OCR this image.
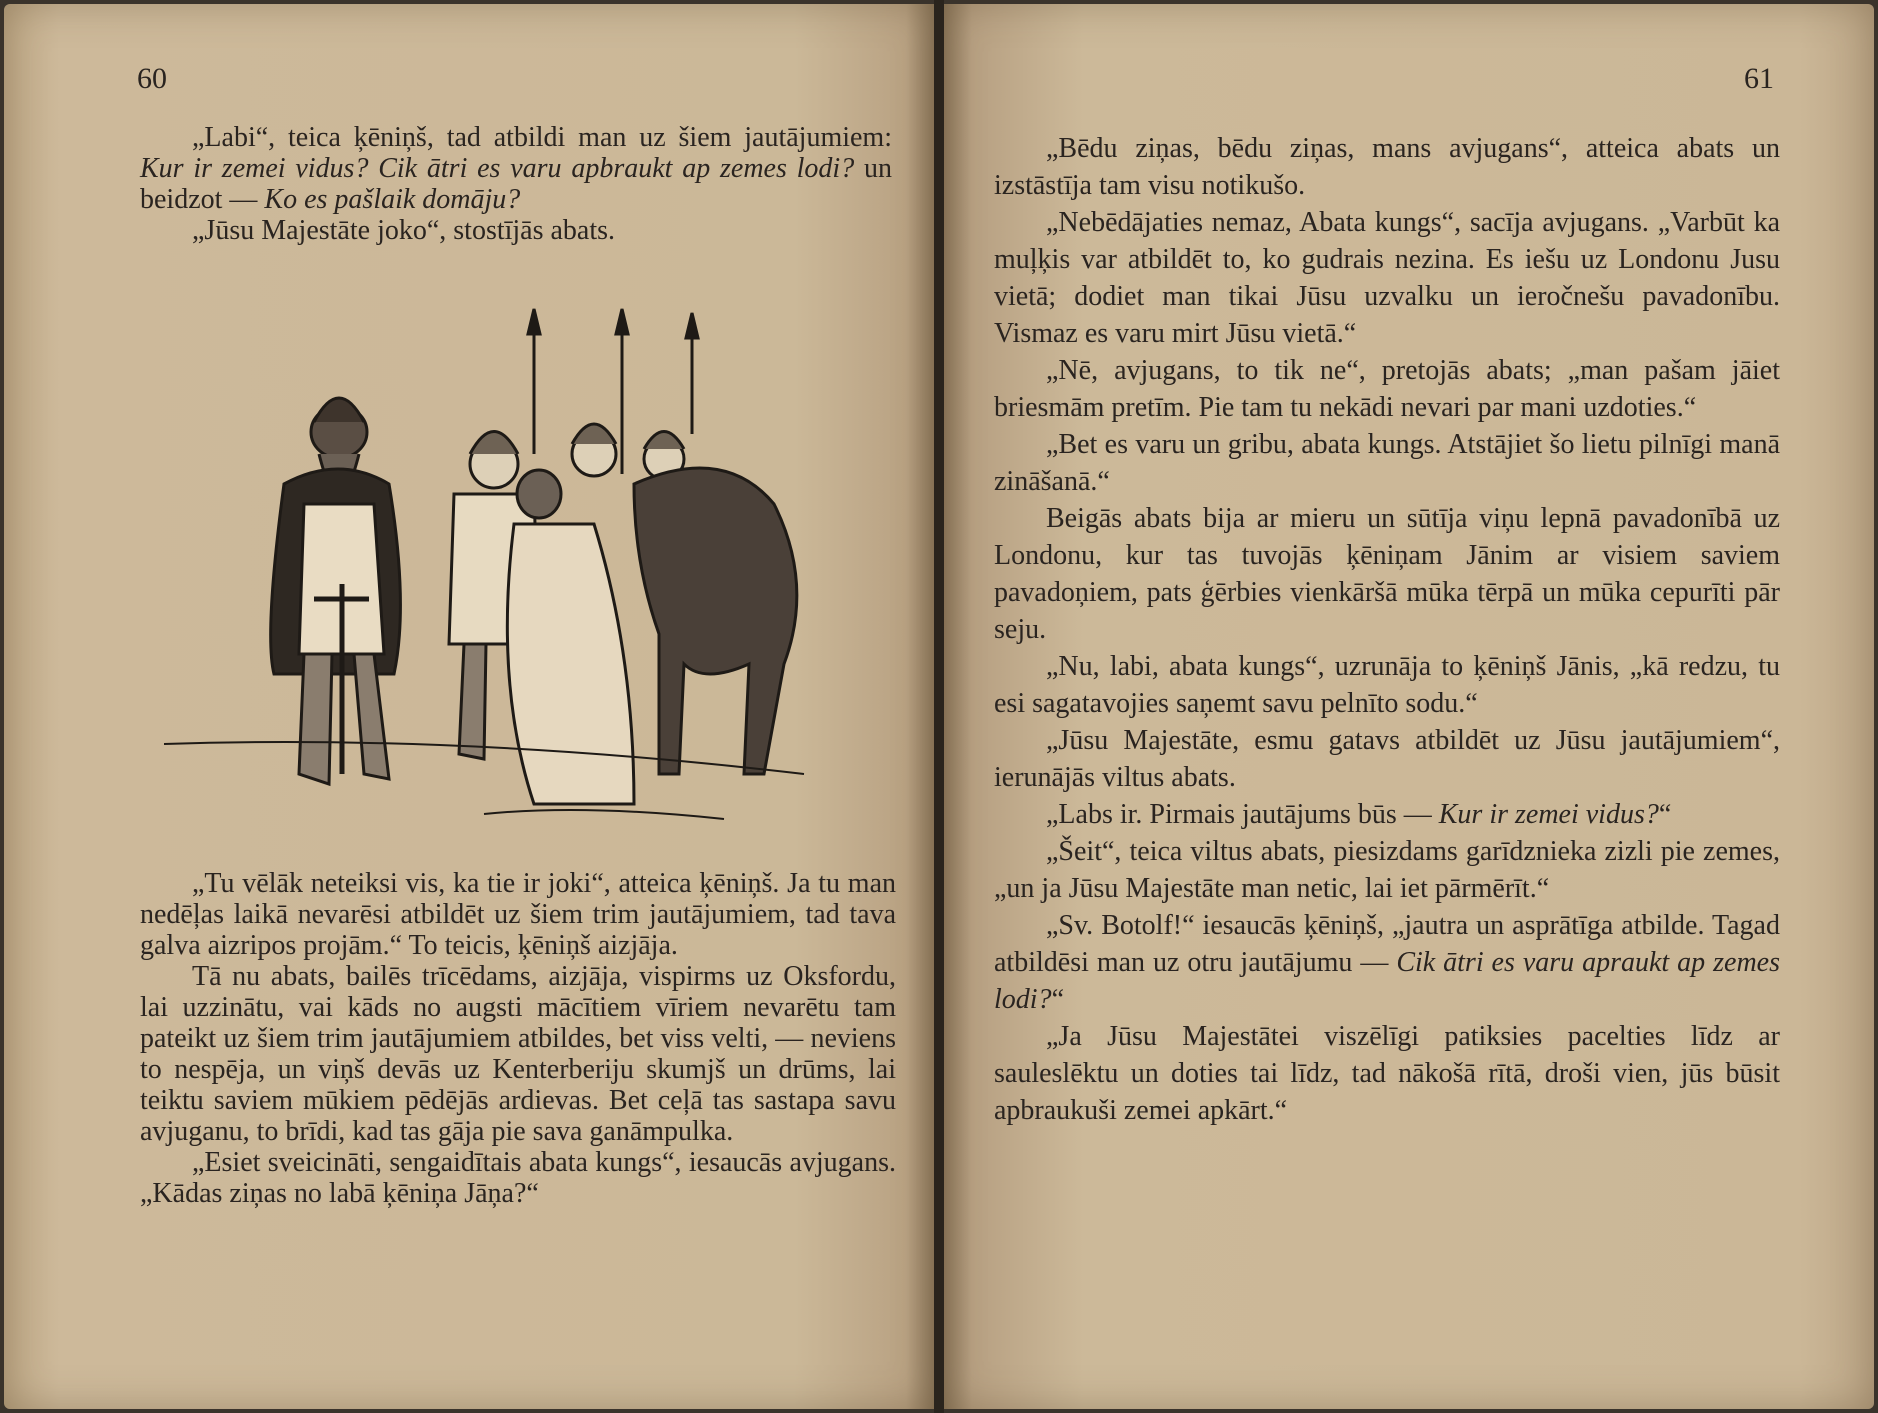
60

„Labi“, teica ķēniņš, tad atbildi man uz šiem jautājumiem: Kur ir zemei vidus? Cik ātri es varu apbraukt ap zemes lodi? un beidzot — Ko es pašlaik domāju?

„Jūsu Majestāte joko“, stostījās abats.

„Tu vēlāk neteiksi vis, ka tie ir joki“, atteica ķēniņš. Ja tu man nedēļas laikā nevarēsi atbildēt uz šiem trim jautājumiem, tad tava galva aizripos projām.“ To teicis, ķēniņš aizjāja.

Tā nu abats, bailēs trīcēdams, aizjāja, vispirms uz Oksfordu, lai uzzinātu, vai kāds no augsti mācītiem vīriem nevarētu tam pateikt uz šiem trim jautājumiem atbildes, bet viss velti, — neviens to nespēja, un viņš devās uz Kenterberiju skumjš un drūms, lai teiktu saviem mūkiem pēdējās ardievas. Bet ceļā tas sastapa savu avjuganu, to brīdi, kad tas gāja pie sava ganāmpulka.

„Esiet sveicināti, sengaidītais abata kungs“, iesaucās avjugans. „Kādas ziņas no labā ķēniņa Jāņa?“

61

„Bēdu ziņas, bēdu ziņas, mans avjugans“, atteica abats un izstāstīja tam visu notikušo.

„Nebēdājaties nemaz, Abata kungs“, sacīja avjugans. „Varbūt ka muļķis var atbildēt to, ko gudrais nezina. Es iešu uz Londonu Jusu vietā; dodiet man tikai Jūsu uzvalku un ieročnešu pavadonību. Vismaz es varu mirt Jūsu vietā.“

„Nē, avjugans, to tik ne“, pretojās abats; „man pašam jāiet briesmām pretīm. Pie tam tu nekādi nevari par mani uzdoties.“

„Bet es varu un gribu, abata kungs. Atstājiet šo lietu pilnīgi manā zināšanā.“

Beigās abats bija ar mieru un sūtīja viņu lepnā pavadonībā uz Londonu, kur tas tuvojās ķēniņam Jānim ar visiem saviem pavadoņiem, pats ģērbies vienkāršā mūka tērpā un mūka cepurīti pār seju.

„Nu, labi, abata kungs“, uzrunāja to ķēniņš Jānis, „kā redzu, tu esi sagatavojies saņemt savu pelnīto sodu.“

„Jūsu Majestāte, esmu gatavs atbildēt uz Jūsu jautājumiem“, ierunājās viltus abats.

„Labs ir. Pirmais jautājums būs — Kur ir zemei vidus?“

„Šeit“, teica viltus abats, piesizdams garīdznieka zizli pie zemes, „un ja Jūsu Majestāte man netic, lai iet pārmērīt.“

„Sv. Botolf!“ iesaucās ķēniņš, „jautra un asprātīga atbilde. Tagad atbildēsi man uz otru jautājumu — Cik ātri es varu apraukt ap zemes lodi?“

„Ja Jūsu Majestātei viszēlīgi patiksies pacelties līdz ar sauleslēktu un doties tai līdz, tad nākošā rītā, droši vien, jūs būsit apbraukuši zemei apkārt.“
